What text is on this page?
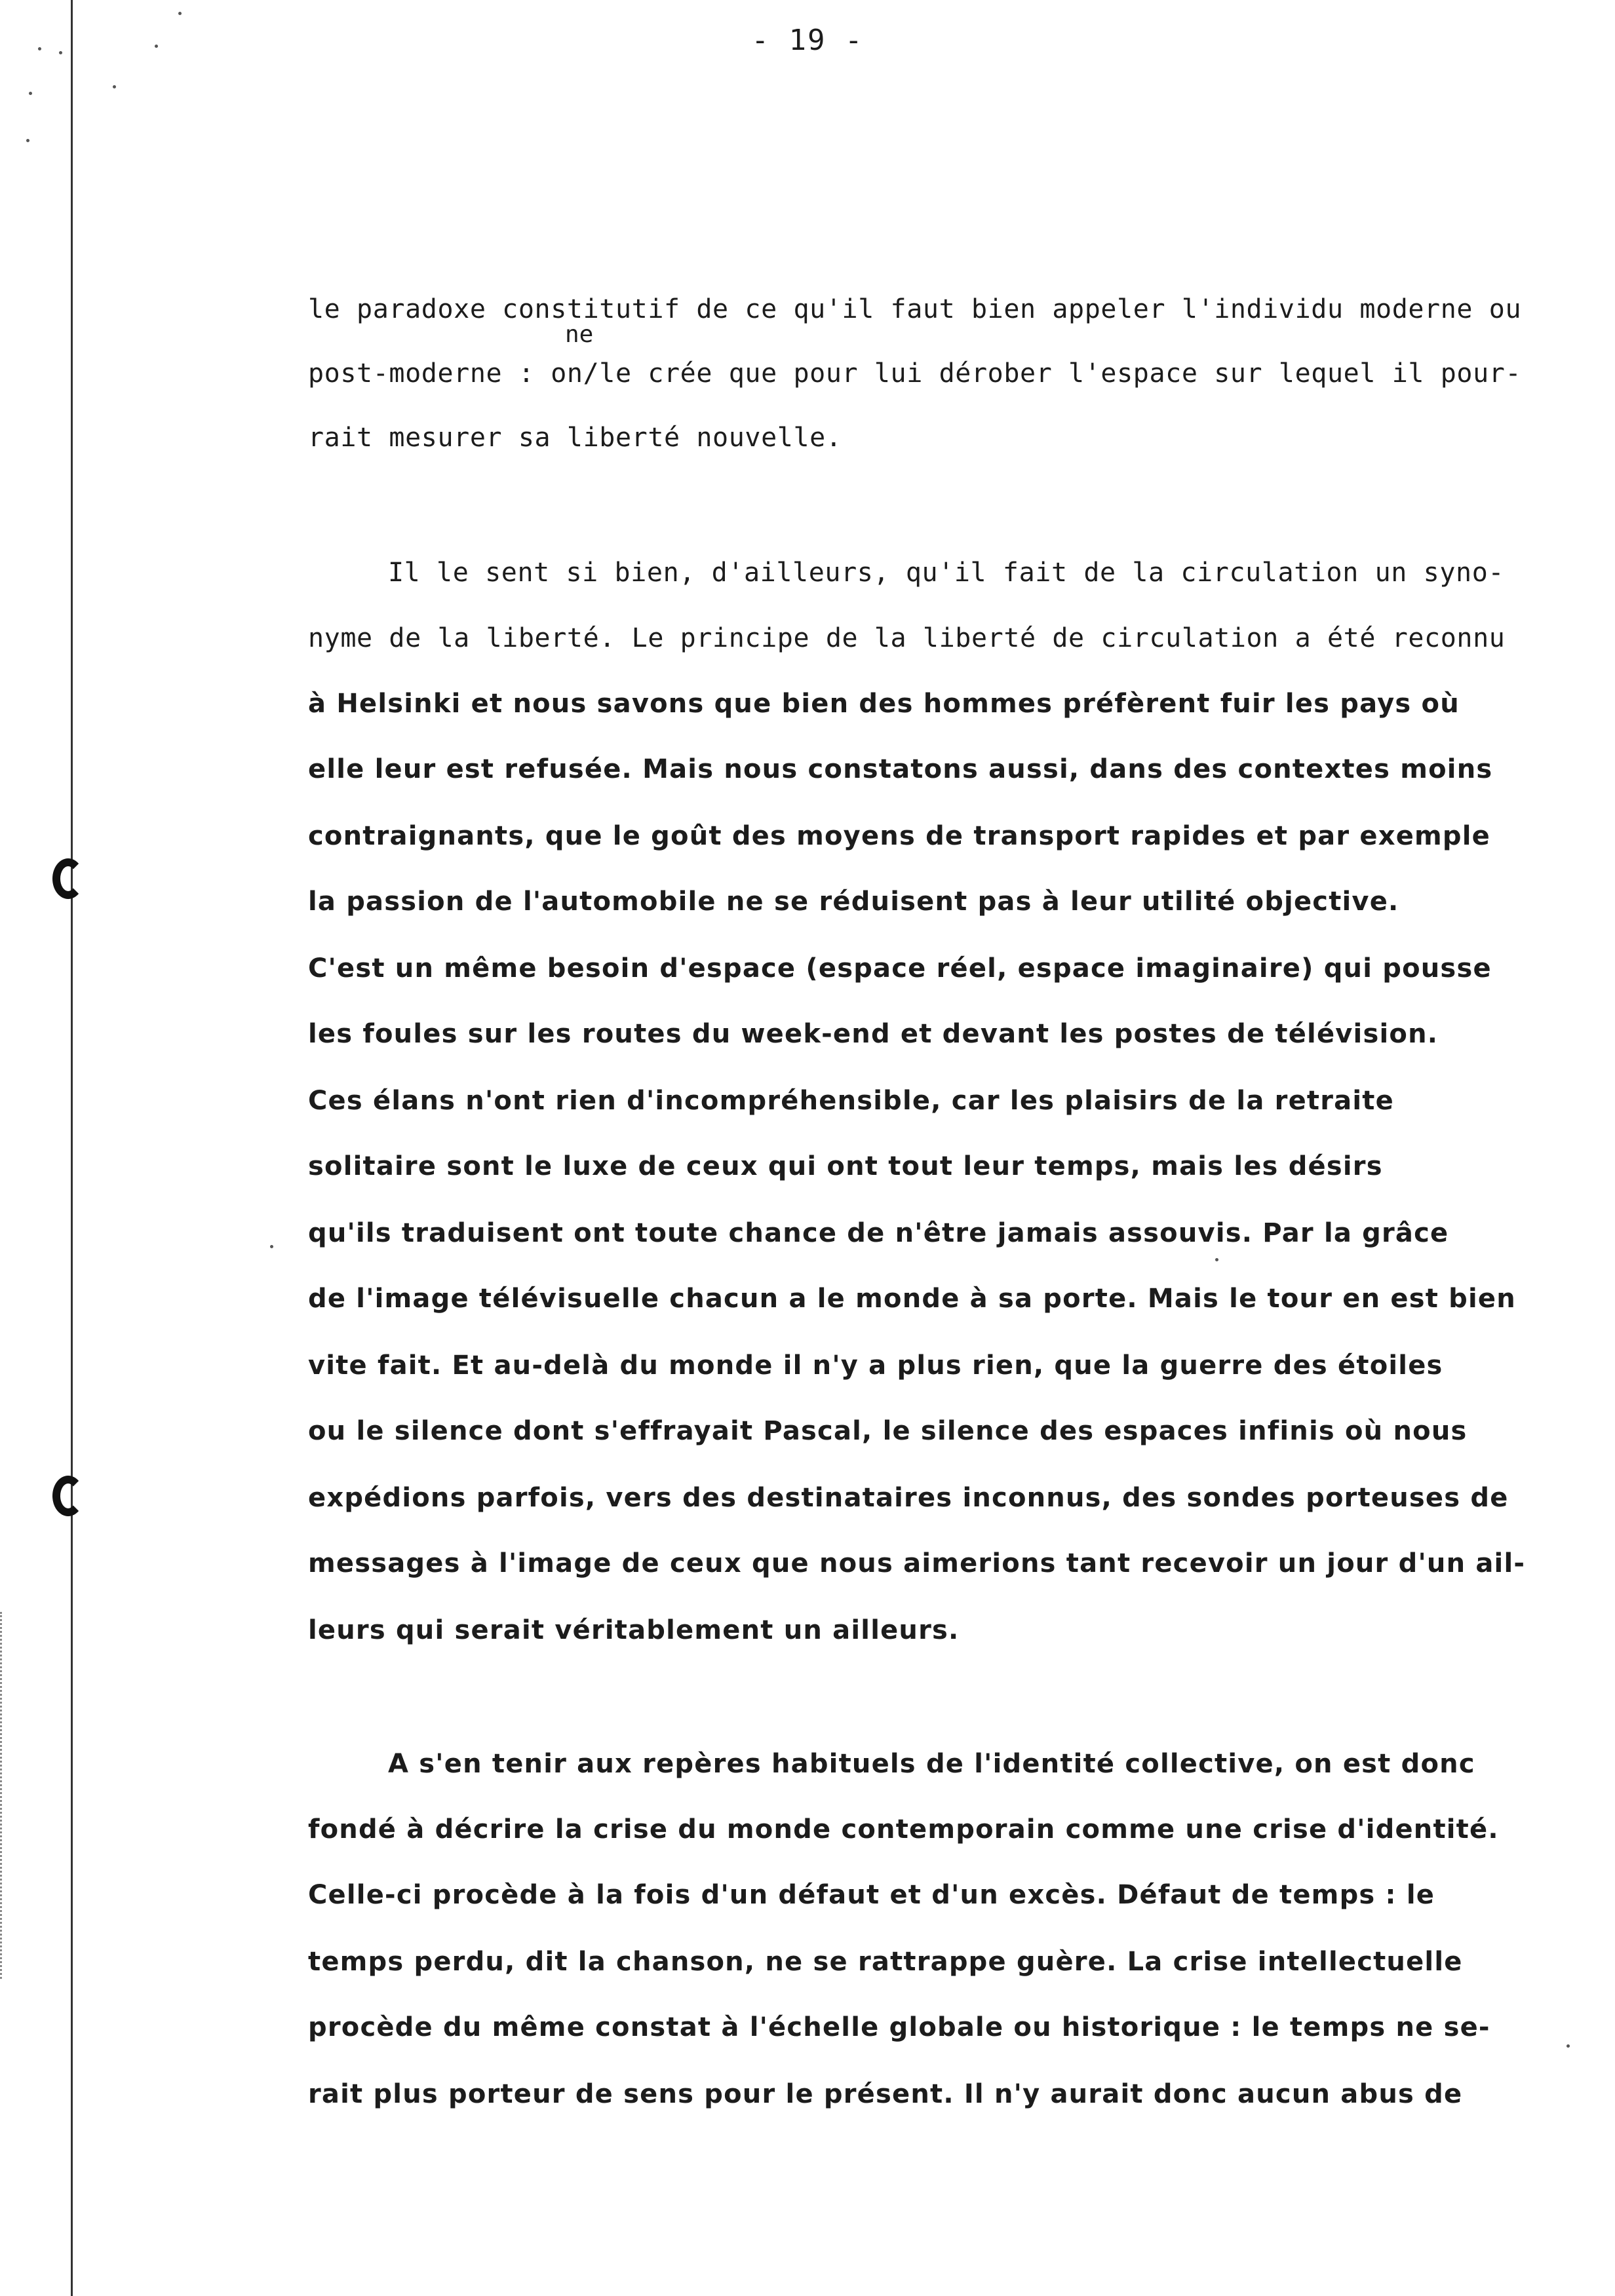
- 19 -
ne
le paradoxe constitutif de ce qu'il faut bien appeler l'individu moderne ou
post-moderne : on/le crée que pour lui dérober l'espace sur lequel il pour-
rait mesurer sa liberté nouvelle.
Il le sent si bien, d'ailleurs, qu'il fait de la circulation un syno-
nyme de la liberté. Le principe de la liberté de circulation a été reconnu
à Helsinki et nous savons que bien des hommes préfèrent fuir les pays où
elle leur est refusée. Mais nous constatons aussi, dans des contextes moins
contraignants, que le goût des moyens de transport rapides et par exemple
la passion de l'automobile ne se réduisent pas à leur utilité objective.
C'est un même besoin d'espace (espace réel, espace imaginaire) qui pousse
les foules sur les routes du week-end et devant les postes de télévision.
Ces élans n'ont rien d'incompréhensible, car les plaisirs de la retraite
solitaire sont le luxe de ceux qui ont tout leur temps, mais les désirs
qu'ils traduisent ont toute chance de n'être jamais assouvis. Par la grâce
de l'image télévisuelle chacun a le monde à sa porte. Mais le tour en est bien
vite fait. Et au-delà du monde il n'y a plus rien, que la guerre des étoiles
ou le silence dont s'effrayait Pascal, le silence des espaces infinis où nous
expédions parfois, vers des destinataires inconnus, des sondes porteuses de
messages à l'image de ceux que nous aimerions tant recevoir un jour d'un ail-
leurs qui serait véritablement un ailleurs.
A s'en tenir aux repères habituels de l'identité collective, on est donc
fondé à décrire la crise du monde contemporain comme une crise d'identité.
Celle-ci procède à la fois d'un défaut et d'un excès. Défaut de temps : le
temps perdu, dit la chanson, ne se rattrappe guère. La crise intellectuelle
procède du même constat à l'échelle globale ou historique : le temps ne se-
rait plus porteur de sens pour le présent. Il n'y aurait donc aucun abus de
